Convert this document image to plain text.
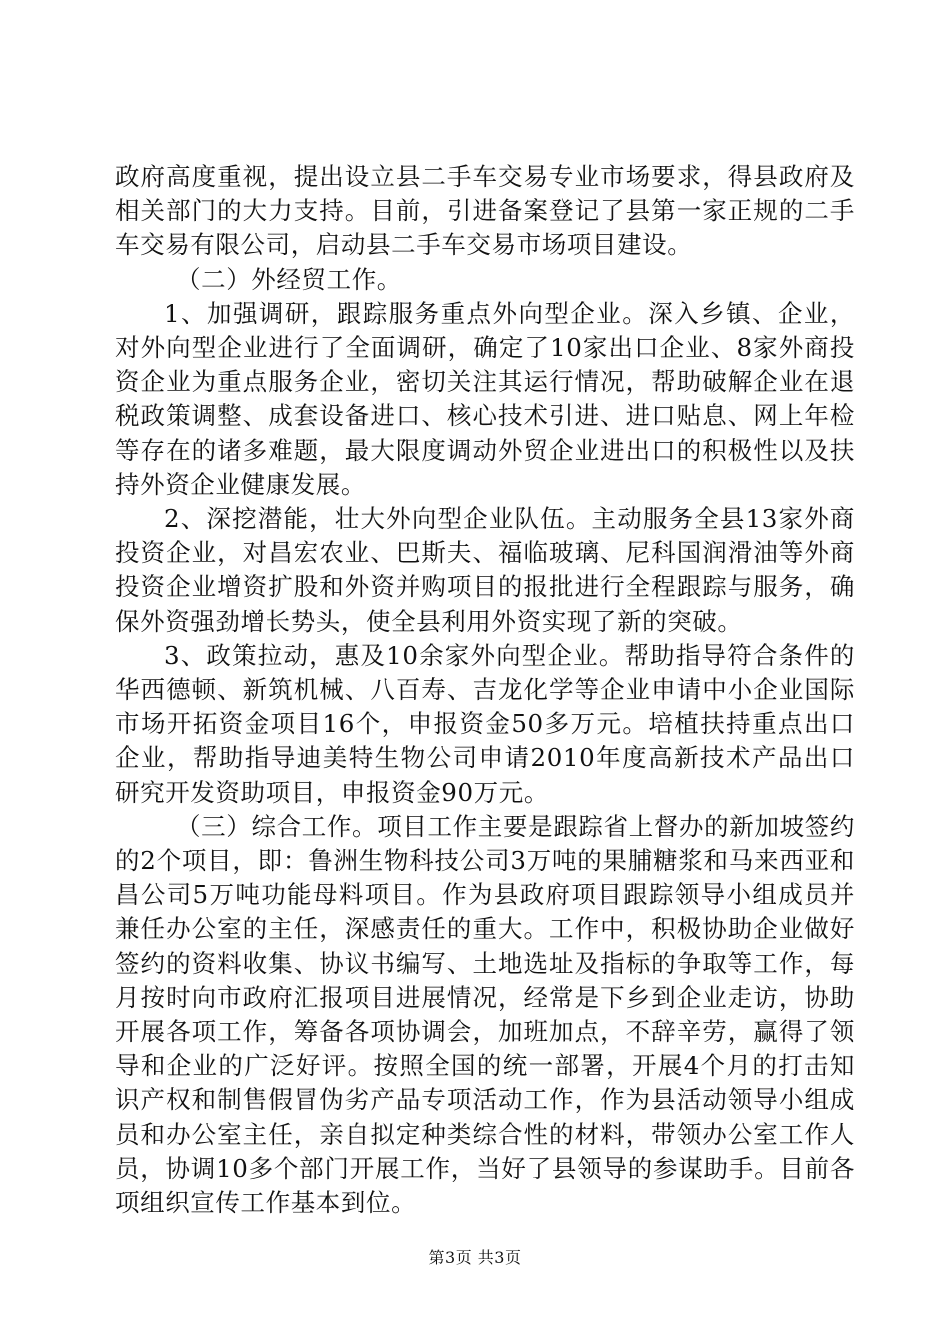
政府高度重视，提出设立县二手车交易专业市场要求，得县政府及相关部门的大力支持。目前，引进备案登记了县第一家正规的二手车交易有限公司，启动县二手车交易市场项目建设。

（二）外经贸工作。

1、加强调研，跟踪服务重点外向型企业。深入乡镇、企业，对外向型企业进行了全面调研，确定了10家出口企业、8家外商投资企业为重点服务企业，密切关注其运行情况，帮助破解企业在退税政策调整、成套设备进口、核心技术引进、进口贴息、网上年检等存在的诸多难题，最大限度调动外贸企业进出口的积极性以及扶持外资企业健康发展。

2、深挖潜能，壮大外向型企业队伍。主动服务全县13家外商投资企业，对昌宏农业、巴斯夫、福临玻璃、尼科国润滑油等外商投资企业增资扩股和外资并购项目的报批进行全程跟踪与服务，确保外资强劲增长势头，使全县利用外资实现了新的突破。

3、政策拉动，惠及10余家外向型企业。帮助指导符合条件的华西德顿、新筑机械、八百寿、吉龙化学等企业申请中小企业国际市场开拓资金项目16个，申报资金50多万元。培植扶持重点出口企业，帮助指导迪美特生物公司申请2010年度高新技术产品出口研究开发资助项目，申报资金90万元。

（三）综合工作。项目工作主要是跟踪省上督办的新加坡签约的2个项目，即：鲁洲生物科技公司3万吨的果脯糖浆和马来西亚和昌公司5万吨功能母料项目。作为县政府项目跟踪领导小组成员并兼任办公室的主任，深感责任的重大。工作中，积极协助企业做好签约的资料收集、协议书编写、土地选址及指标的争取等工作，每月按时向市政府汇报项目进展情况，经常是下乡到企业走访，协助开展各项工作，筹备各项协调会，加班加点，不辞辛劳，赢得了领导和企业的广泛好评。按照全国的统一部署，开展4个月的打击知识产权和制售假冒伪劣产品专项活动工作，作为县活动领导小组成员和办公室主任，亲自拟定种类综合性的材料，带领办公室工作人员，协调10多个部门开展工作，当好了县领导的参谋助手。目前各项组织宣传工作基本到位。

第3页 共3页
